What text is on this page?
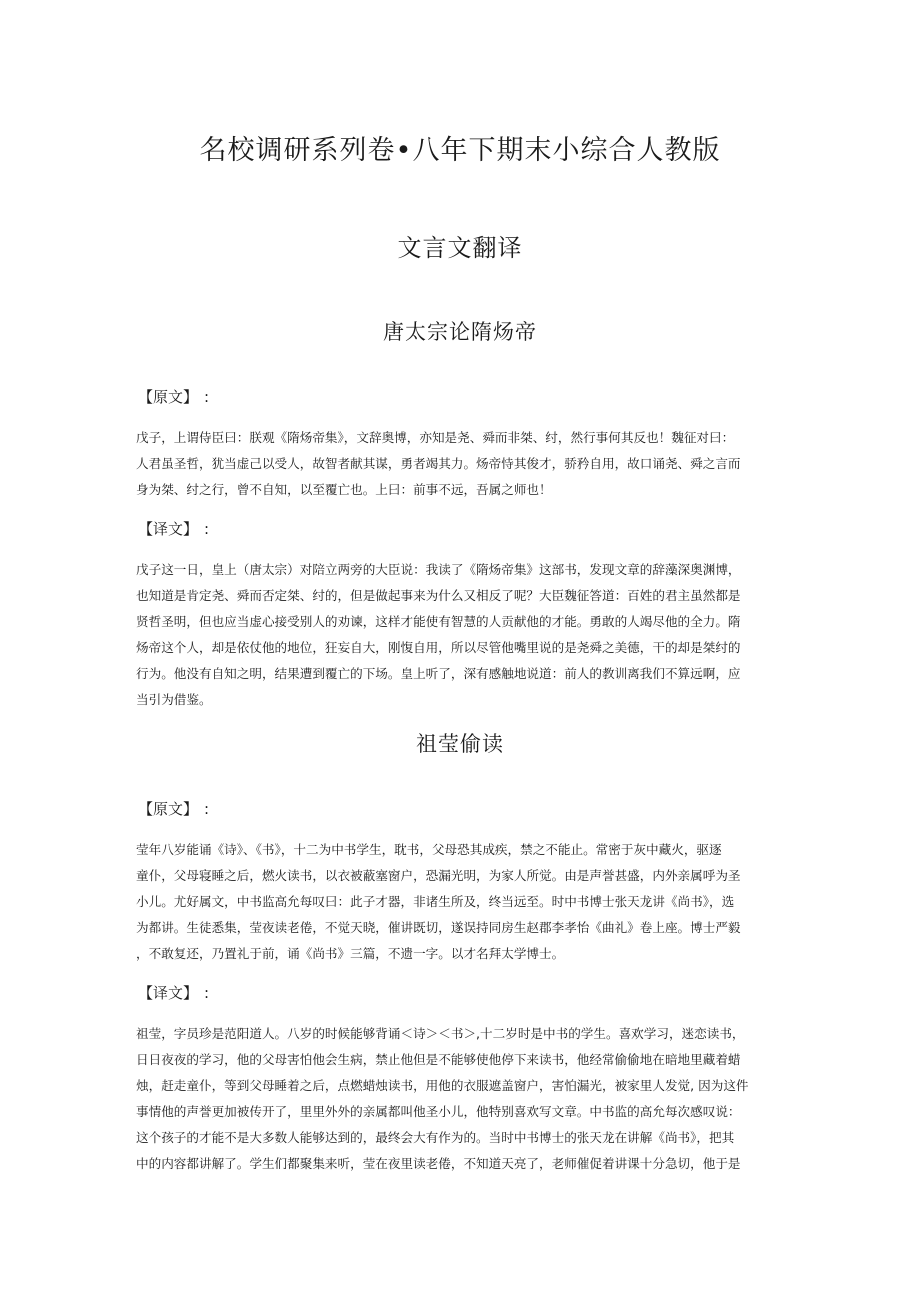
名校调研系列卷•八年下期末小综合人教版
文言文翻译
唐太宗论隋炀帝
【原文】 :
戊子，上谓侍臣曰：朕观《隋炀帝集》，文辞奥博，亦知是尧、舜而非桀、纣，然行事何其反也！魏征对曰：
人君虽圣哲，犹当虚己以受人，故智者献其谋，勇者竭其力。炀帝恃其俊才，骄矜自用，故口诵尧、舜之言而
身为桀、纣之行，曾不自知，以至覆亡也。上曰：前事不远，吾属之师也！
【译文】 :
戊子这一日，皇上（唐太宗）对陪立两旁的大臣说：我读了《隋炀帝集》这部书，发现文章的辞藻深奥渊博，
也知道是肯定尧、舜而否定桀、纣的，但是做起事来为什么又相反了呢？大臣魏征答道：百姓的君主虽然都是
贤哲圣明，但也应当虚心接受别人的劝谏，这样才能使有智慧的人贡献他的才能。勇敢的人竭尽他的全力。隋
炀帝这个人，却是依仗他的地位，狂妄自大，刚愎自用，所以尽管他嘴里说的是尧舜之美德，干的却是桀纣的
行为。他没有自知之明，结果遭到覆亡的下场。皇上听了，深有感触地说道：前人的教训离我们不算远啊，应
当引为借鉴。
祖莹偷读
【原文】 :
莹年八岁能诵《诗》、《书》，十二为中书学生，耽书，父母恐其成疾，禁之不能止。常密于灰中藏火，驱逐
童仆，父母寝睡之后，燃火读书，以衣被蔽塞窗户，恐漏光明，为家人所觉。由是声誉甚盛，内外亲属呼为圣
小儿。尤好属文，中书监高允每叹曰：此子才器，非诸生所及，终当远至。时中书博士张天龙讲《尚书》，选
为都讲。生徒悉集，莹夜读老倦，不觉天晓，催讲既切，遂误持同房生赵郡李孝怡《曲礼》卷上座。博士严毅
，不敢复还，乃置礼于前，诵《尚书》三篇，不遗一字。以才名拜太学博士。
【译文】 :
祖莹，字员珍是范阳道人。八岁的时候能够背诵＜诗＞＜书＞,十二岁时是中书的学生。喜欢学习，迷恋读书，
日日夜夜的学习，他的父母害怕他会生病，禁止他但是不能够使他停下来读书，他经常偷偷地在暗地里藏着蜡
烛，赶走童仆，等到父母睡着之后，点燃蜡烛读书，用他的衣服遮盖窗户，害怕漏光，被家里人发觉, 因为这件
事情他的声誉更加被传开了，里里外外的亲属都叫他圣小儿，他特别喜欢写文章。中书监的高允每次感叹说：
这个孩子的才能不是大多数人能够达到的，最终会大有作为的。当时中书博士的张天龙在讲解《尚书》，把其
中的内容都讲解了。学生们都聚集来听，莹在夜里读老倦，不知道天亮了，老师催促着讲课十分急切，他于是
